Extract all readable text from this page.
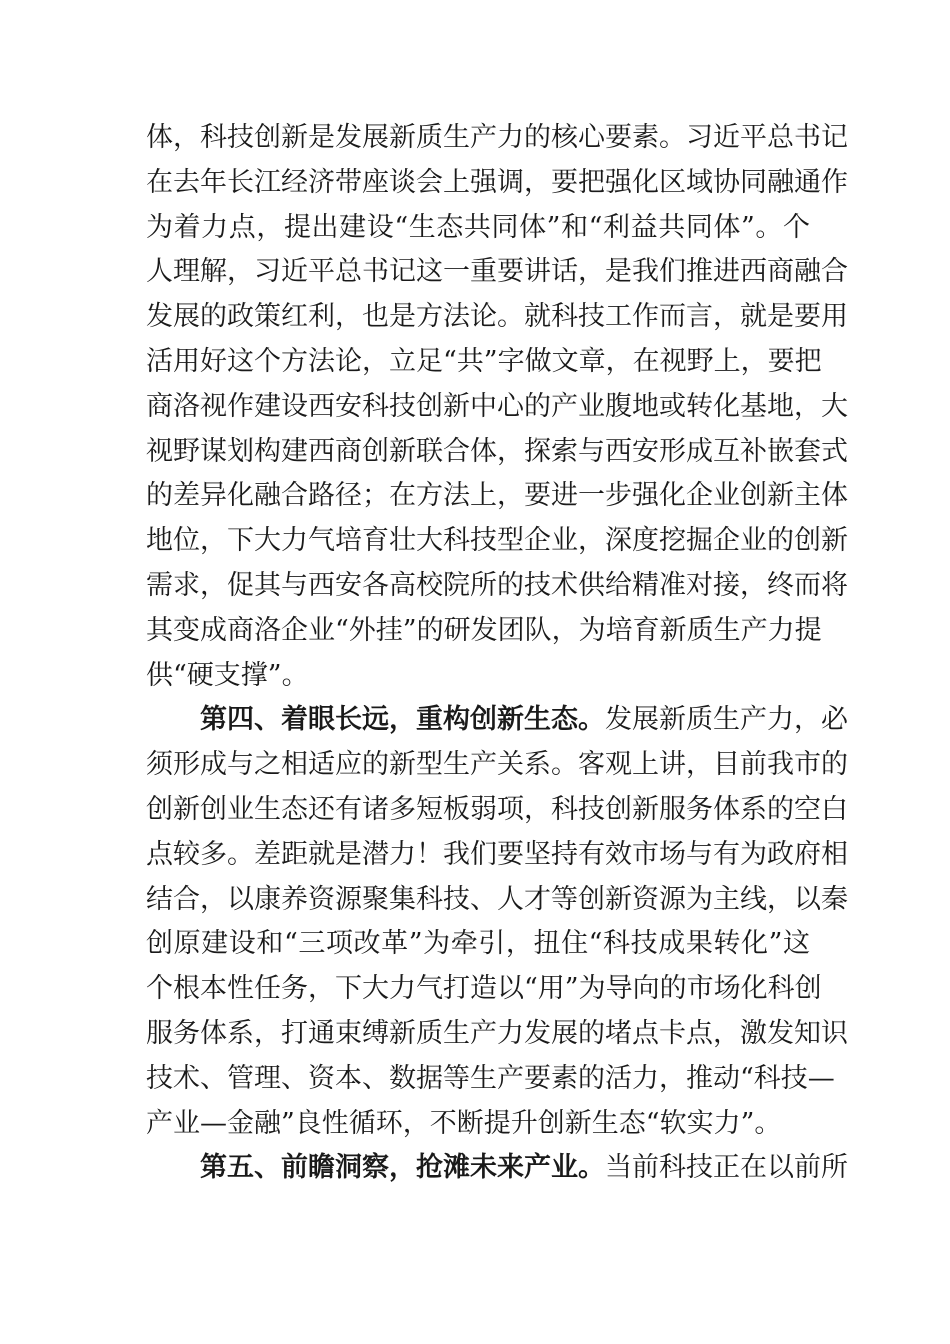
体，科技创新是发展新质生产力的核心要素。习近平总书记
在去年长江经济带座谈会上强调，要把强化区域协同融通作
为着力点，提出建设“生态共同体”和“利益共同体”。个
人理解，习近平总书记这一重要讲话，是我们推进西商融合
发展的政策红利，也是方法论。就科技工作而言，就是要用
活用好这个方法论，立足“共”字做文章，在视野上，要把
商洛视作建设西安科技创新中心的产业腹地或转化基地，大
视野谋划构建西商创新联合体，探索与西安形成互补嵌套式
的差异化融合路径；在方法上，要进一步强化企业创新主体
地位，下大力气培育壮大科技型企业，深度挖掘企业的创新
需求，促其与西安各高校院所的技术供给精准对接，终而将
其变成商洛企业“外挂”的研发团队，为培育新质生产力提
供“硬支撑”。
第四、着眼长远，重构创新生态。发展新质生产力，必
须形成与之相适应的新型生产关系。客观上讲，目前我市的
创新创业生态还有诸多短板弱项，科技创新服务体系的空白
点较多。差距就是潜力！我们要坚持有效市场与有为政府相
结合，以康养资源聚集科技、人才等创新资源为主线，以秦
创原建设和“三项改革”为牵引，扭住“科技成果转化”这
个根本性任务，下大力气打造以“用”为导向的市场化科创
服务体系，打通束缚新质生产力发展的堵点卡点，激发知识
技术、管理、资本、数据等生产要素的活力，推动“科技—
产业—金融”良性循环，不断提升创新生态“软实力”。
第五、前瞻洞察，抢滩未来产业。当前科技正在以前所
